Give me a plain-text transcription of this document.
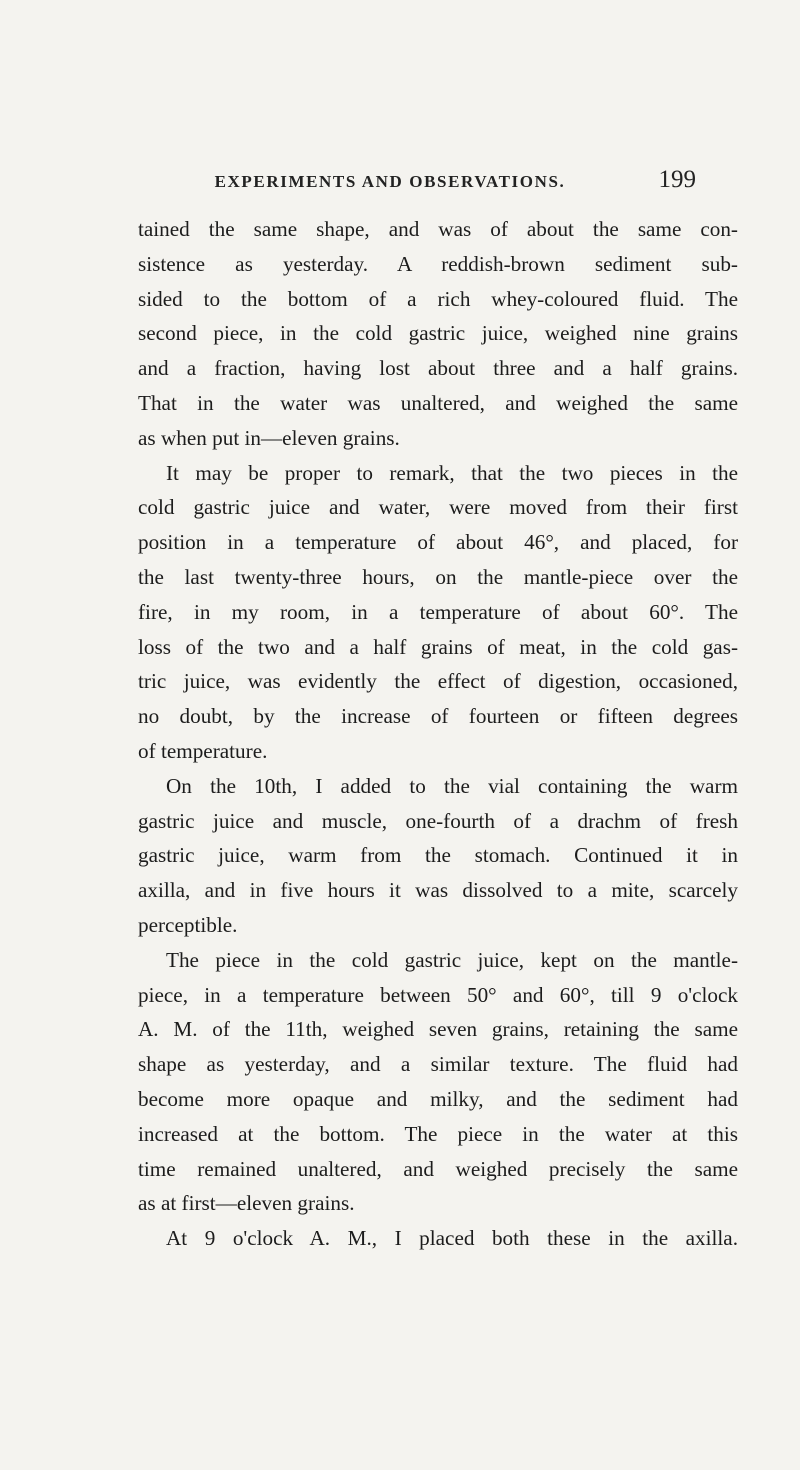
EXPERIMENTS AND OBSERVATIONS.	199
tained the same shape, and was of about the same con-
sistence as yesterday. A reddish-brown sediment sub-
sided to the bottom of a rich whey-coloured fluid. The
second piece, in the cold gastric juice, weighed nine grains
and a fraction, having lost about three and a half grains.
That in the water was unaltered, and weighed the same
as when put in—eleven grains.
It may be proper to remark, that the two pieces in the
cold gastric juice and water, were moved from their first
position in a temperature of about 46°, and placed, for
the last twenty-three hours, on the mantle-piece over the
fire, in my room, in a temperature of about 60°. The
loss of the two and a half grains of meat, in the cold gas-
tric juice, was evidently the effect of digestion, occasioned,
no doubt, by the increase of fourteen or fifteen degrees
of temperature.
On the 10th, I added to the vial containing the warm
gastric juice and muscle, one-fourth of a drachm of fresh
gastric juice, warm from the stomach. Continued it in
axilla, and in five hours it was dissolved to a mite, scarcely
perceptible.
The piece in the cold gastric juice, kept on the mantle-
piece, in a temperature between 50° and 60°, till 9 o'clock
A. M. of the 11th, weighed seven grains, retaining the same
shape as yesterday, and a similar texture. The fluid had
become more opaque and milky, and the sediment had
increased at the bottom. The piece in the water at this
time remained unaltered, and weighed precisely the same
as at first—eleven grains.
At 9 o'clock A. M., I placed both these in the axilla.
